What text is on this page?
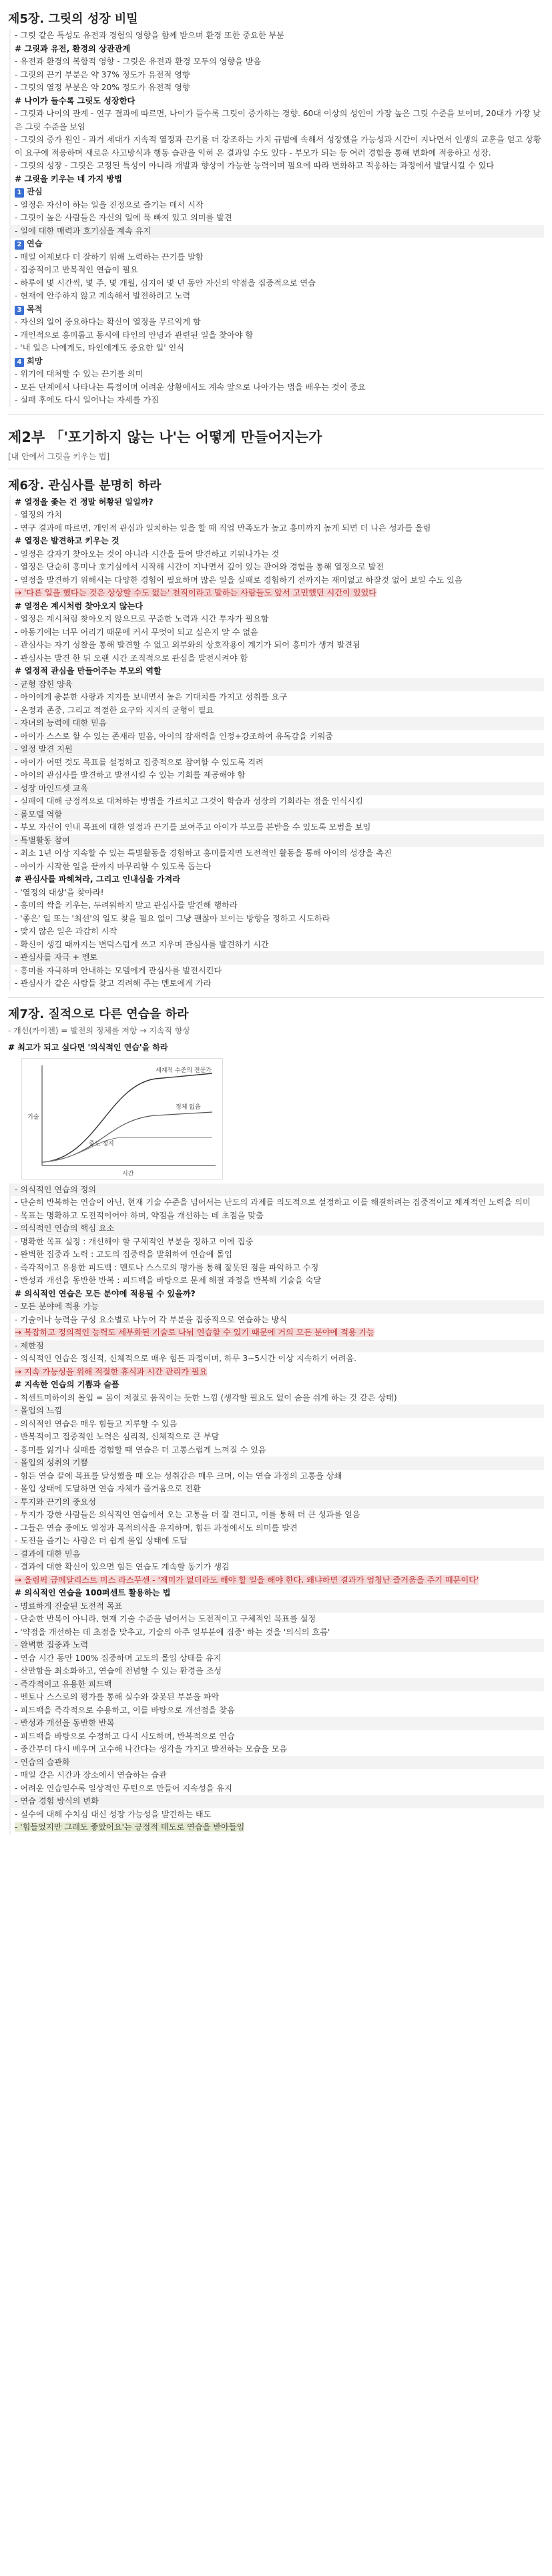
제5장. 그릿의 성장 비밀
- 그릿 같은 특성도 유전과 경험의 영향을 함께 받으며 환경 또한 중요한 부분
# 그릿과 유전, 환경의 상관관계
- 유전과 환경의 복합적 영향 - 그릿은 유전과 환경 모두의 영향을 받음
- 그릿의 끈기 부분은 약 37% 정도가 유전적 영향
- 그릿의 열정 부분은 약 20% 정도가 유전적 영향
# 나이가 들수록 그릿도 성장한다
- 그릿과 나이의 관계 - 연구 결과에 따르면, 나이가 들수록 그릿이 증가하는 경향. 60대 이상의 성인이 가장 높은 그릿 수준을 보이며, 20대가 가장 낮은 그릿 수준을 보임
- 그릿의 증가 원인 - 과거 세대가 지속적 열정과 끈기를 더 강조하는 가치 규범에 속해서 성장했을 가능성과 시간이 지나면서 인생의 교훈을 얻고 상황이 요구에 적응하며 새로운 사고방식과 행동 습관을 익혀 온 결과일 수도 있다 - 부모가 되는 등 여러 경험을 통해 변화에 적응하고 성장.
- 그릿의 성장 - 그릿은 고정된 특성이 아니라 개발과 향상이 가능한 능력이며 필요에 따라 변화하고 적응하는 과정에서 발달시킬 수 있다
# 그릿을 키우는 네 가지 방법
1 관심
- 열정은 자신이 하는 일을 진정으로 즐기는 데서 시작
- 그릿이 높은 사람들은 자신의 일에 푹 빠져 있고 의미를 발견
- 일에 대한 매력과 호기심을 계속 유지
2 연습
- 매일 어제보다 더 잘하기 위해 노력하는 끈기를 말함
- 집중적이고 반복적인 연습이 필요
- 하루에 몇 시간씩, 몇 주, 몇 개월, 심지어 몇 년 동안 자신의 약점을 집중적으로 연습
- 현재에 안주하지 않고 계속해서 발전하려고 노력
3 목적
- 자신의 일이 중요하다는 확신이 열정을 무르익게 함
- 개인적으로 흥미롭고 동시에 타인의 안녕과 관련된 일을 찾아야 함
- '내 일은 나에게도, 타인에게도 중요한 일' 인식
4 희망
- 위기에 대처할 수 있는 끈기를 의미
- 모든 단계에서 나타나는 특정이며 어려운 상황에서도 계속 앞으로 나아가는 법을 배우는 것이 중요
- 실패 후에도 다시 일어나는 자세를 가짐
제2부 「'포기하지 않는 나'는 어떻게 만들어지는가
[내 안에서 그릿을 키우는 법]
제6장. 관심사를 분명히 하라
# 열정을 좇는 건 정말 허황된 일일까?
- 열정의 가치
- 연구 결과에 따르면, 개인적 관심과 일치하는 일을 할 때 직업 만족도가 높고 흥미까지 높게 되면 더 나은 성과를 올림
# 열정은 발견하고 키우는 것
- 열정은 갑자기 찾아오는 것이 아니라 시간을 들여 발견하고 키워나가는 것
- 열정은 단순히 흥미나 호기심에서 시작해 시간이 지나면서 깊이 있는 관여와 경험을 통해 열정으로 발전
- 열정을 발견하기 위해서는 다양한 경험이 필요하며 많은 일을 실패로 경험하기 전까지는 재미없고 하잘것 없어 보일 수도 있음
→ '다른 일을 했다는 것은 상상할 수도 없는' 천직이라고 말하는 사람들도 앞서 고민했던 시간이 있었다
# 열정은 계시처럼 찾아오지 않는다
- 열정은 계시처럼 찾아오지 않으므로 꾸준한 노력과 시간 투자가 필요함
- 아동기에는 너무 어리기 때문에 커서 무엇이 되고 싶은지 알 수 없음
- 관심사는 자기 성찰을 통해 발견할 수 없고 외부와의 상호작용이 계기가 되어 흥미가 생겨 발견됨
- 관심사는 발견 한 뒤 오랜 시간 조직적으로 관심을 발전시켜야 함
# 열정적 관심을 만들어주는 부모의 역할
- 균형 잡힌 양육
- 아이에게 충분한 사랑과 지지를 보내면서 높은 기대치를 가지고 성취를 요구
- 온정과 존중, 그리고 적절한 요구와 지지의 균형이 필요
- 자녀의 능력에 대한 믿음
- 아이가 스스로 할 수 있는 존재라 믿음, 아이의 잠재력을 인정+강조하여 유독감을 키워줌
- 열정 발견 지원
- 아이가 어떤 것도 목표를 설정하고 집중적으로 참여할 수 있도록 격려
- 아이의 관심사를 발견하고 발전시킬 수 있는 기회를 제공해야 함
- 성장 마인드셋 교육
- 실패에 대해 긍정적으로 대처하는 방법을 가르치고 그것이 학습과 성장의 기회라는 점을 인식시킴
- 롤모델 역할
- 부모 자신이 인내 목표에 대한 열정과 끈기를 보여주고 아이가 부모를 본받을 수 있도록 모범을 보임
- 특별활동 참여
- 최소 1년 이상 지속할 수 있는 특별활동을 경험하고 흥미를지면 도전적인 활동을 통해 아이의 성장을 촉진
- 아이가 시작한 일을 끝까지 마무리할 수 있도록 돕는다
# 관심사를 파헤쳐라, 그리고 인내심을 가져라
- '열정의 대상'을 찾아라!
- 흥미의 싹을 키우는, 두려워하지 말고 관심사를 발견해 행하라
- '좋은' 일 또는 '최선'의 일도 찾을 필요 없이 그냥 괜찮아 보이는 방향을 정하고 시도하라
- 맞지 않은 일은 과감히 시작
- 확신이 생길 때까지는 변덕스럽게 쓰고 지우며 관심사를 발견하기 시간
- 관심사를 자극 + 멘토
- 흥미를 자극하며 안내하는 모델에게 관심사를 발전시킨다
- 관심사가 같은 사람들 찾고 격려해 주는 멘토에게 가라
제7장. 질적으로 다른 연습을 하라
- 개선(카이젠) = 발전의 정체를 저항 → 지속적 향상
# 최고가 되고 싶다면 '의식적인 연습'을 하라
기술
시간
세계적 수준의 전문가
정체 없음
중도 정지
- 의식적인 연습의 정의
- 단순히 반복하는 연습이 아닌, 현재 기술 수준을 넘어서는 난도의 과제를 의도적으로 설정하고 이를 해결하려는 집중적이고 체계적인 노력을 의미
- 목표는 명확하고 도전적이어야 하며, 약점을 개선하는 데 초점을 맞춤
- 의식적인 연습의 핵심 요소
- 명확한 목표 설정 : 개선해야 할 구체적인 부분을 정하고 이에 집중
- 완벽한 집중과 노력 : 고도의 집중력을 발휘하여 연습에 몰입
- 즉각적이고 유용한 피드백 : 멘토나 스스로의 평가를 통해 잘못된 점을 파악하고 수정
- 반성과 개선을 동반한 반복 : 피드백을 바탕으로 문제 해결 과정을 반복해 기술을 숙달
# 의식적인 연습은 모든 분야에 적용될 수 있을까?
- 모든 분야에 적용 가능
- 기술이나 능력을 구성 요소별로 나누어 각 부분을 집중적으로 연습하는 방식
→ 복잡하고 정의적인 능력도 세부화된 기술로 나눠 연습할 수 있기 때문에 거의 모든 분야에 적용 가능
- 제한점
- 의식적인 연습은 정신적, 신체적으로 매우 힘든 과정이며, 하루 3~5시간 이상 지속하기 어려움.
→ 지속 가능성을 위해 적절한 휴식과 시간 관리가 필요
# 지속한 연습의 기쁨과 슬픔
- 칙센트미하이의 몰입 = 몸이 저절로 움직이는 듯한 느낌 (생각할 필요도 없이 숨을 쉬게 하는 것 같은 상태)
- 몰입의 느낌
- 의식적인 연습은 매우 힘들고 지루할 수 있음
- 반복적이고 집중적인 노력은 심리적, 신체적으로 큰 부담
- 흥미를 잃거나 실패를 경험할 때 연습은 더 고통스럽게 느껴질 수 있음
- 몰입의 성취의 기쁨
- 힘든 연습 끝에 목표를 달성했을 때 오는 성취감은 매우 크며, 이는 연습 과정의 고통을 상쇄
- 몰입 상태에 도달하면 연습 자체가 즐거움으로 전환
- 투지와 끈기의 중요성
- 투지가 강한 사람들은 의식적인 연습에서 오는 고통을 더 잘 견디고, 이를 통해 더 큰 성과를 얻음
- 그들은 연습 중에도 열정과 목적의식을 유지하며, 힘든 과정에서도 의미를 발견
- 도전을 즐기는 사람은 더 쉽게 몰입 상태에 도달
- 결과에 대한 믿음
- 결과에 대한 확신이 있으면 힘든 연습도 계속할 동기가 생김
→ 올림픽 금메달리스트 미스 라스무센 - '재미가 없더라도 해야 할 일을 해야 한다. 왜냐하면 결과가 엄청난 즐거움을 주기 때문이다'
# 의식적인 연습을 100퍼센트 활용하는 법
- 명료하게 진술된 도전적 목표
- 단순한 반복이 아니라, 현재 기술 수준을 넘어서는 도전적이고 구체적인 목표를 설정
- '약점을 개선하는 데 초점을 맞추고, 기술의 아주 일부분에 집중' 하는 것을 '의식의 흐름'
- 완벽한 집중과 노력
- 연습 시간 동안 100% 집중하며 고도의 몰입 상태를 유지
- 산만함을 최소화하고, 연습에 전념할 수 있는 환경을 조성
- 즉각적이고 유용한 피드백
- 멘토나 스스로의 평가를 통해 실수와 잘못된 부분을 파악
- 피드백을 즉각적으로 수용하고, 이를 바탕으로 개선점을 찾음
- 반성과 개선을 동반한 반복
- 피드백을 바탕으로 수정하고 다시 시도하며, 반복적으로 연습
- 중간부터 다시 배우며 고수해 나간다는 생각을 가지고 발전하는 모습을 모음
- 연습의 습관화
- 매일 같은 시간과 장소에서 연습하는 습관
- 어려운 연습일수록 일상적인 루틴으로 만들어 지속성을 유지
- 연습 경험 방식의 변화
- 실수에 대해 수치심 대신 성장 가능성을 발견하는 태도
- '힘들었지만 그래도 좋았어요'는 긍정적 태도로 연습을 받아들임
